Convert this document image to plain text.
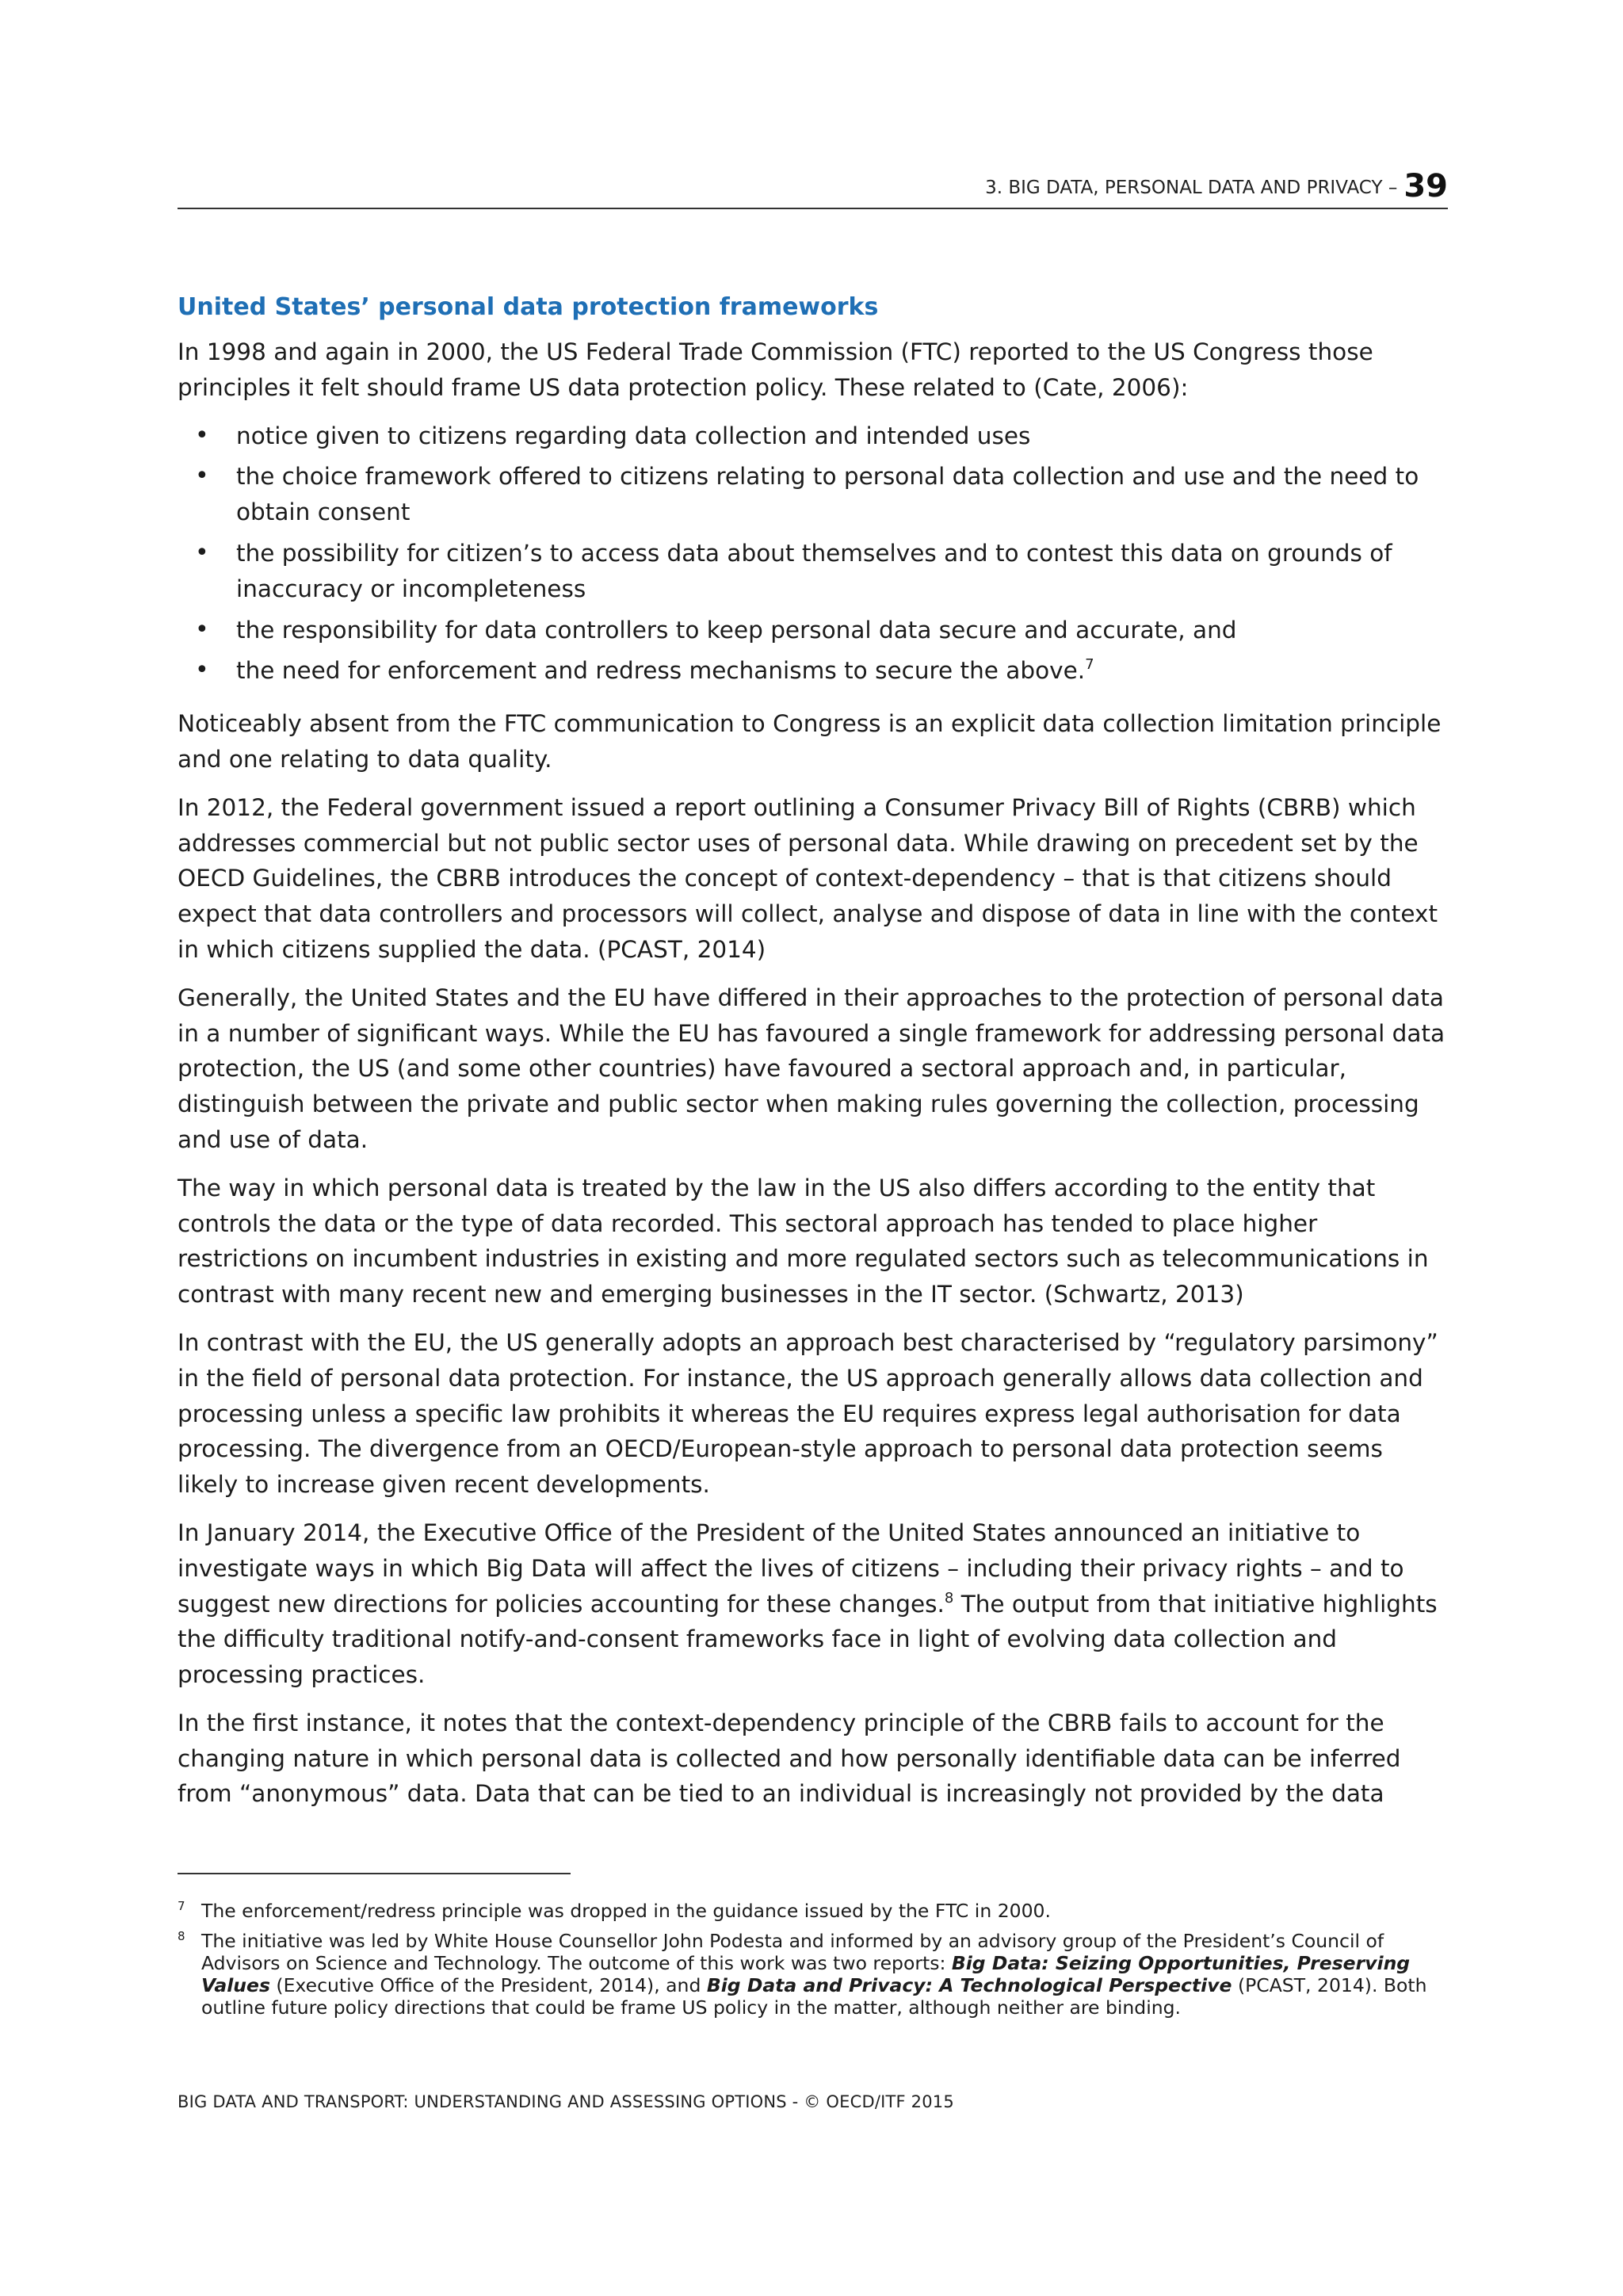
3. BIG DATA, PERSONAL DATA AND PRIVACY – 39
United States’ personal data protection frameworks

In 1998 and again in 2000, the US Federal Trade Commission (FTC) reported to the US Congress those principles it felt should frame US data protection policy. These related to (Cate, 2006):

• notice given to citizens regarding data collection and intended uses
• the choice framework offered to citizens relating to personal data collection and use and the need to obtain consent
• the possibility for citizen’s to access data about themselves and to contest this data on grounds of inaccuracy or incompleteness
• the responsibility for data controllers to keep personal data secure and accurate, and
• the need for enforcement and redress mechanisms to secure the above.$^7$

Noticeably absent from the FTC communication to Congress is an explicit data collection limitation principle and one relating to data quality.

In 2012, the Federal government issued a report outlining a Consumer Privacy Bill of Rights (CBRB) which addresses commercial but not public sector uses of personal data. While drawing on precedent set by the OECD Guidelines, the CBRB introduces the concept of context-dependency – that is that citizens should expect that data controllers and processors will collect, analyse and dispose of data in line with the context in which citizens supplied the data. (PCAST, 2014)

Generally, the United States and the EU have differed in their approaches to the protection of personal data in a number of significant ways. While the EU has favoured a single framework for addressing personal data protection, the US (and some other countries) have favoured a sectoral approach and, in particular, distinguish between the private and public sector when making rules governing the collection, processing and use of data.

The way in which personal data is treated by the law in the US also differs according to the entity that controls the data or the type of data recorded. This sectoral approach has tended to place higher restrictions on incumbent industries in existing and more regulated sectors such as telecommunications in contrast with many recent new and emerging businesses in the IT sector. (Schwartz, 2013)

In contrast with the EU, the US generally adopts an approach best characterised by “regulatory parsimony” in the field of personal data protection. For instance, the US approach generally allows data collection and processing unless a specific law prohibits it whereas the EU requires express legal authorisation for data processing. The divergence from an OECD/European-style approach to personal data protection seems likely to increase given recent developments.

In January 2014, the Executive Office of the President of the United States announced an initiative to investigate ways in which Big Data will affect the lives of citizens – including their privacy rights – and to suggest new directions for policies accounting for these changes.$^8$ The output from that initiative highlights the difficulty traditional notify-and-consent frameworks face in light of evolving data collection and processing practices.

In the first instance, it notes that the context-dependency principle of the CBRB fails to account for the changing nature in which personal data is collected and how personally identifiable data can be inferred from “anonymous” data. Data that can be tied to an individual is increasingly not provided by the data

7 The enforcement/redress principle was dropped in the guidance issued by the FTC in 2000.
8 The initiative was led by White House Counsellor John Podesta and informed by an advisory group of the President’s Council of Advisors on Science and Technology. The outcome of this work was two reports: Big Data: Seizing Opportunities, Preserving Values (Executive Office of the President, 2014), and Big Data and Privacy: A Technological Perspective (PCAST, 2014). Both outline future policy directions that could be frame US policy in the matter, although neither are binding.
BIG DATA AND TRANSPORT: UNDERSTANDING AND ASSESSING OPTIONS - © OECD/ITF 2015
